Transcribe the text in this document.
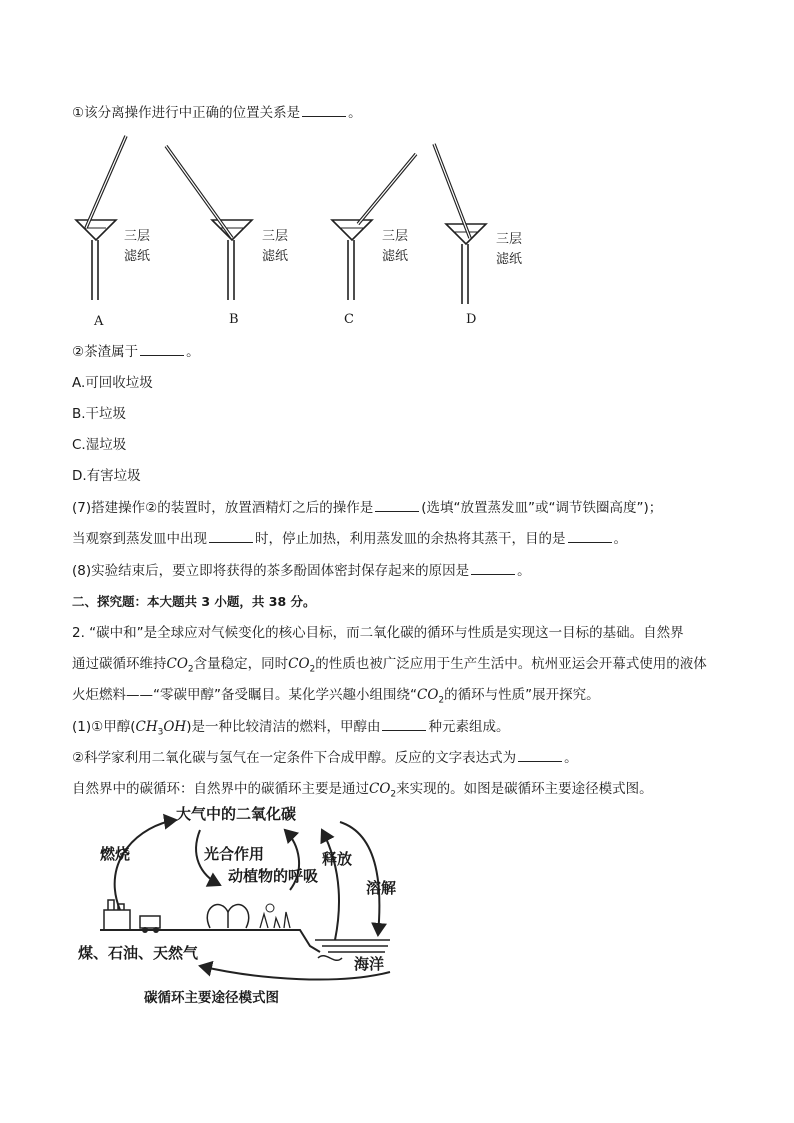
①该分离操作进行中正确的位置关系是	。
三层
滤纸
三层
滤纸
三层
滤纸
三层
滤纸
A	B	C	D
②茶渣属于	。
A.可回收垃圾
B.干垃圾
C.湿垃圾
D.有害垃圾
(7)搭建操作②的装置时，放置酒精灯之后的操作是	(选填“放置蒸发皿”或“调节铁圈高度”)；
当观察到蒸发皿中出现	时，停止加热，利用蒸发皿的余热将其蒸干，目的是	。
(8)实验结束后，要立即将获得的茶多酚固体密封保存起来的原因是	。
二、探究题：本大题共 3 小题，共 38 分。
2. “碳中和”是全球应对气候变化的核心目标，而二氧化碳的循环与性质是实现这一目标的基础。自然界
通过碳循环维持$CO_2$含量稳定，同时$CO_2$的性质也被广泛应用于生产生活中。杭州亚运会开幕式使用的液体
火炬燃料——“零碳甲醇”备受瞩目。某化学兴趣小组围绕“$CO_2$的循环与性质”展开探究。
(1)①甲醇$(CH_3OH)$是一种比较清洁的燃料，甲醇由	种元素组成。
②科学家利用二氧化碳与氢气在一定条件下合成甲醇。反应的文字表达式为	。
自然界中的碳循环：自然界中的碳循环主要是通过$CO_2$来实现的。如图是碳循环主要途径模式图。
大气中的二氧化碳
燃烧	光合作用
动植物的呼吸
释放
溶解
煤、石油、天然气
海洋
碳循环主要途径模式图
